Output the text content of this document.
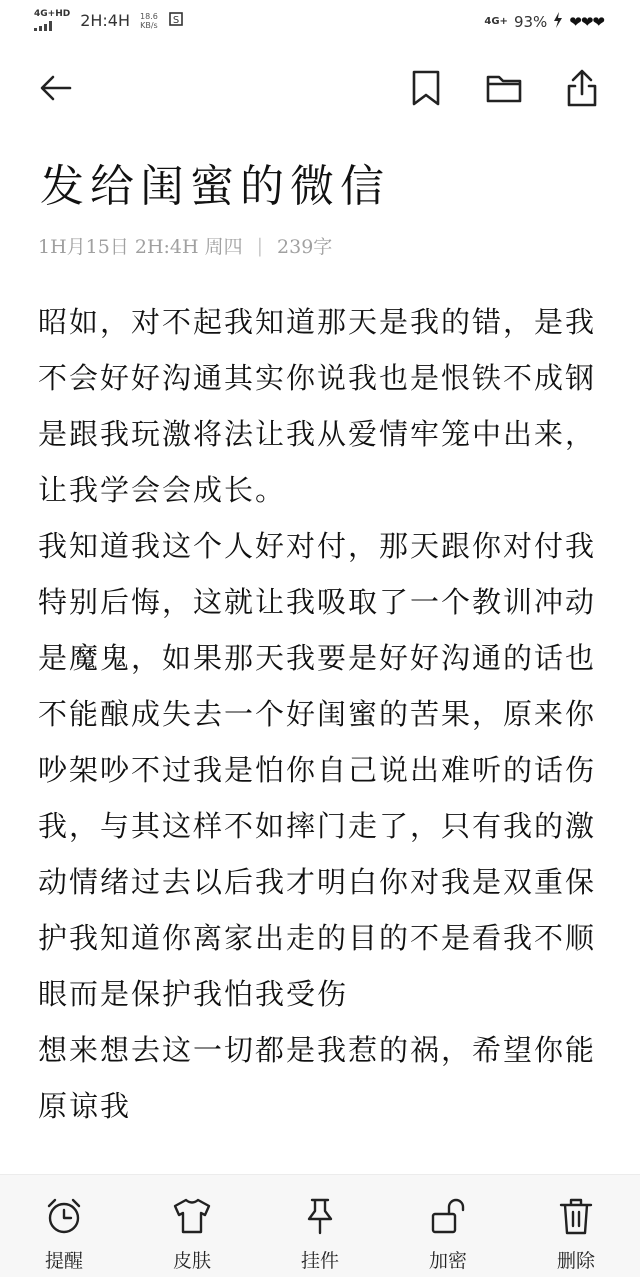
4G+HD 2H:4H 18.6
KB/s S	4G+ 93% ❤❤❤
发给闺蜜的微信
1H月15日 2H:4H 周四 | 239字

昭如，对不起我知道那天是我的错，是我不会好好沟通其实你说我也是恨铁不成钢是跟我玩激将法让我从爱情牢笼中出来，让我学会会成长。

我知道我这个人好对付，那天跟你对付我特别后悔，这就让我吸取了一个教训冲动是魔鬼，如果那天我要是好好沟通的话也不能酿成失去一个好闺蜜的苦果，原来你吵架吵不过我是怕你自己说出难听的话伤我，与其这样不如摔门走了，只有我的激动情绪过去以后我才明白你对我是双重保护我知道你离家出走的目的不是看我不顺眼而是保护我怕我受伤

想来想去这一切都是我惹的祸，希望你能原谅我

提醒	皮肤	挂件	加密	删除
